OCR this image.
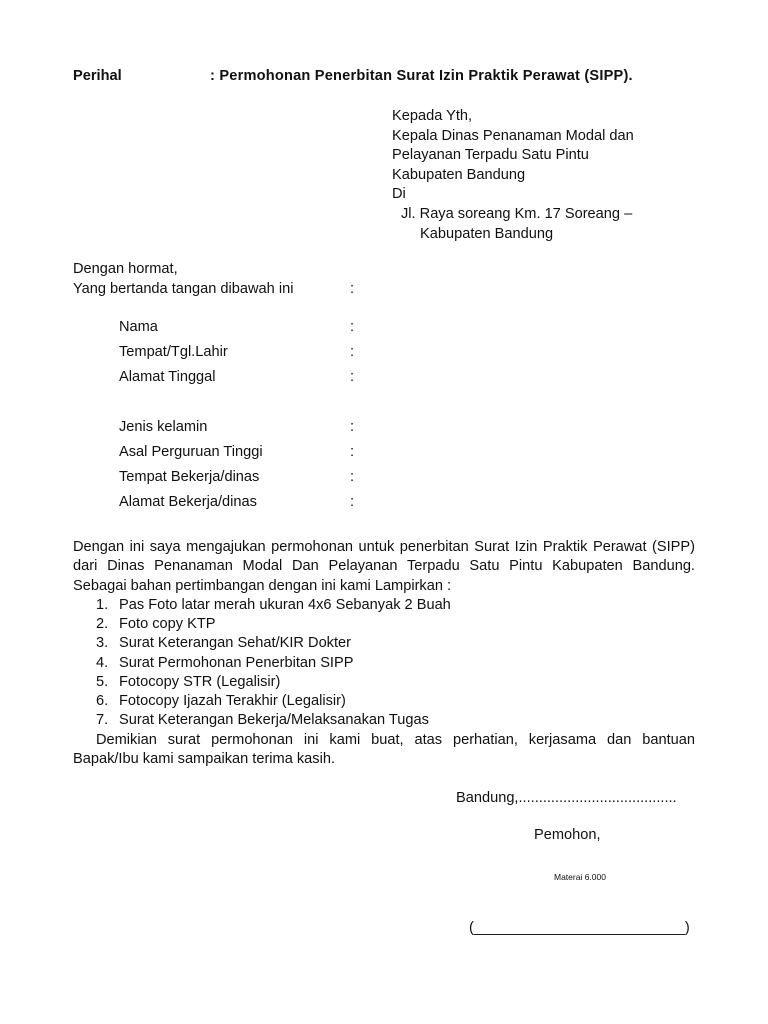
Perihal	: Permohonan Penerbitan Surat Izin Praktik Perawat (SIPP).
Kepada Yth,
Kepala Dinas Penanaman Modal dan
Pelayanan Terpadu Satu Pintu
Kabupaten Bandung
Di
Jl. Raya soreang Km. 17 Soreang –
Kabupaten Bandung
Dengan hormat,
Yang bertanda tangan dibawah ini	:
Nama	:
Tempat/Tgl.Lahir	:
Alamat Tinggal	:
Jenis kelamin	:
Asal Perguruan Tinggi	:
Tempat Bekerja/dinas	:
Alamat Bekerja/dinas	:
Dengan ini saya mengajukan permohonan untuk penerbitan Surat Izin Praktik Perawat (SIPP) dari Dinas Penanaman Modal Dan Pelayanan Terpadu Satu Pintu Kabupaten Bandung. Sebagai bahan pertimbangan dengan ini kami Lampirkan :
1. Pas Foto latar merah ukuran 4x6 Sebanyak 2 Buah
2. Foto copy KTP
3. Surat Keterangan Sehat/KIR Dokter
4. Surat Permohonan Penerbitan SIPP
5. Fotocopy STR (Legalisir)
6. Fotocopy Ijazah Terakhir (Legalisir)
7. Surat Keterangan Bekerja/Melaksanakan Tugas
Demikian surat permohonan ini kami buat, atas perhatian, kerjasama dan bantuan Bapak/Ibu kami sampaikan terima kasih.
Bandung,.......................................
Pemohon,
Materai 6.000
(__________________________)
